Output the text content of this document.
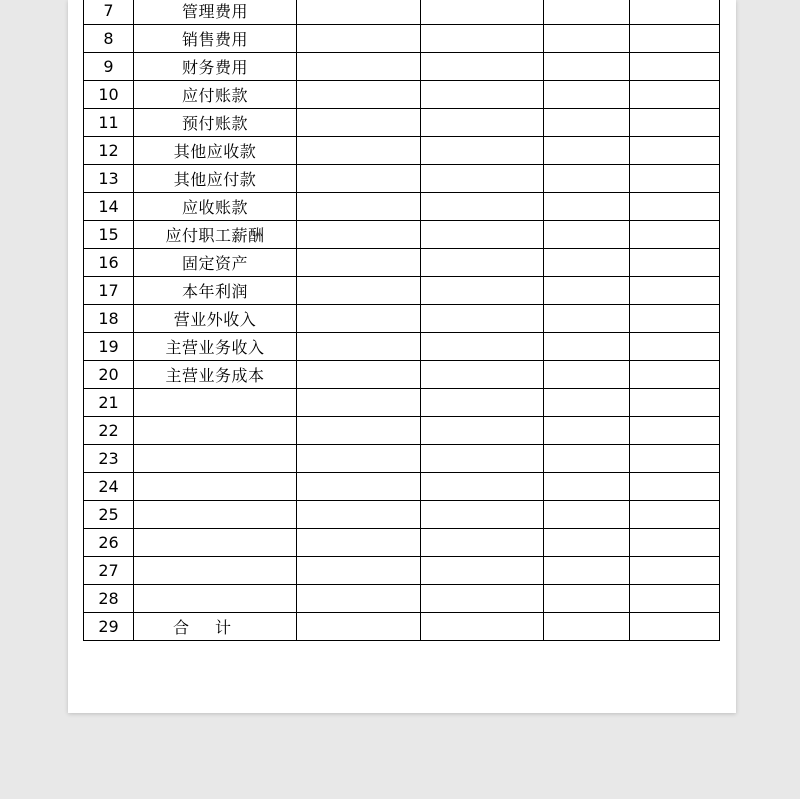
7	管理费用				
8	销售费用				
9	财务费用				
10	应付账款				
11	预付账款				
12	其他应收款				
13	其他应付款				
14	应收账款				
15	应付职工薪酬				
16	固定资产				
17	本年利润				
18	营业外收入				
19	主营业务收入				
20	主营业务成本				
21					
22					
23					
24					
25					
26					
27					
28					
29	合计				
